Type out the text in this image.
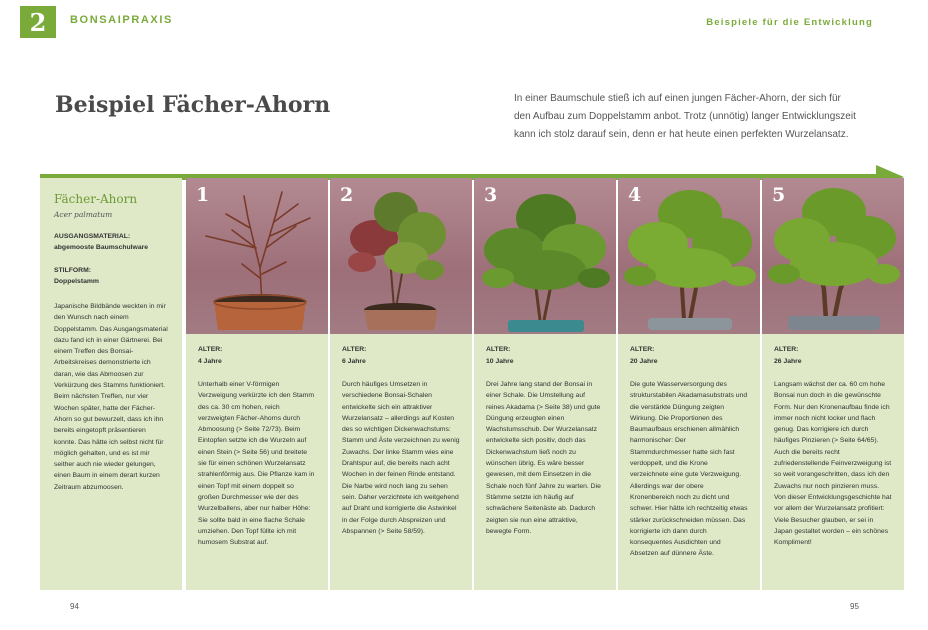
2 BONSAIPRAXIS	Beispiele für die Entwicklung
Beispiel Fächer-Ahorn	In einer Baumschule stieß ich auf einen jungen Fächer-Ahorn, der sich für den Aufbau zum Doppelstamm anbot. Trotz (unnötig) langer Entwicklungszeit kann ich stolz darauf sein, denn er hat heute einen perfekten Wurzelansatz.

Fächer-Ahorn

Acer palmatum

AUSGANGSMATERIAL:

abgemooste Baumschulware

STILFORM:

Doppelstamm

Japanische Bildbände weckten in mir den Wunsch nach einem Doppelstamm. Das Ausgangsmaterial dazu fand ich in einer Gärtnerei. Bei einem Treffen des Bonsai-Arbeitskreises demonstrierte ich daran, wie das Abmoosen zur Verkürzung des Stamms funktioniert. Beim nächsten Treffen, nur vier Wochen später, hatte der Fächer-Ahorn so gut bewurzelt, dass ich ihn bereits eingetopft präsentieren konnte. Das hätte ich selbst nicht für möglich gehalten, und es ist mir seither auch nie wieder gelungen, einen Baum in einem derart kurzen Zeitraum abzumoosen.

1

ALTER:

4 Jahre

Unterhalb einer V-förmigen Verzweigung verkürzte ich den Stamm des ca. 30 cm hohen, reich verzweigten Fächer-Ahorns durch Abmoosung (> Seite 72/73). Beim Eintopfen setzte ich die Wurzeln auf einen Stein (> Seite 56) und breitete sie für einen schönen Wurzelansatz strahlenförmig aus. Die Pflanze kam in einen Topf mit einem doppelt so großen Durchmesser wie der des Wurzelballens, aber nur halber Höhe: Sie sollte bald in eine flache Schale umziehen. Den Topf füllte ich mit humosem Substrat auf.

2

ALTER:

6 Jahre

Durch häufiges Umsetzen in verschiedene Bonsai-Schalen entwickelte sich ein attraktiver Wurzelansatz – allerdings auf Kosten des so wichtigen Dickenwachstums: Stamm und Äste verzeichnen zu wenig Zuwachs. Der linke Stamm wies eine Drahtspur auf, die bereits nach acht Wochen in der feinen Rinde entstand. Die Narbe wird noch lang zu sehen sein. Daher verzichtete ich weitgehend auf Draht und korrigierte die Astwinkel in der Folge durch Abspreizen und Abspannen (> Seite 58/59).

3

ALTER:

10 Jahre

Drei Jahre lang stand der Bonsai in einer Schale. Die Umstellung auf reines Akadama (> Seite 38) und gute Düngung erzeugten einen Wachstumsschub. Der Wurzelansatz entwickelte sich positiv, doch das Dickenwachstum ließ noch zu wünschen übrig. Es wäre besser gewesen, mit dem Einsetzen in die Schale noch fünf Jahre zu warten. Die Stämme setzte ich häufig auf schwächere Seitenäste ab. Dadurch zeigten sie nun eine attraktive, bewegte Form.

4

ALTER:

20 Jahre

Die gute Wasserversorgung des strukturstabilen Akadamasubstrats und die verstärkte Düngung zeigten Wirkung. Die Proportionen des Baumaufbaus erschienen allmählich harmonischer: Der Stammdurchmesser hatte sich fast verdoppelt, und die Krone verzeichnete eine gute Verzweigung. Allerdings war der obere Kronenbereich noch zu dicht und schwer. Hier hätte ich rechtzeitig etwas stärker zurückschneiden müssen. Das korrigierte ich dann durch konsequentes Ausdichten und Absetzen auf dünnere Äste.

5

ALTER:

26 Jahre

Langsam wächst der ca. 60 cm hohe Bonsai nun doch in die gewünschte Form. Nur den Kronenaufbau finde ich immer noch nicht locker und flach genug. Das korrigiere ich durch häufiges Pinzieren (> Seite 64/65). Auch die bereits recht zufriedenstellende Feinverzweigung ist so weit vorangeschritten, dass ich den Zuwachs nur noch pinzieren muss. Von dieser Entwicklungsgeschichte hat vor allem der Wurzelansatz profitiert: Viele Besucher glauben, er sei in Japan gestaltet worden – ein schönes Kompliment!

94	95
